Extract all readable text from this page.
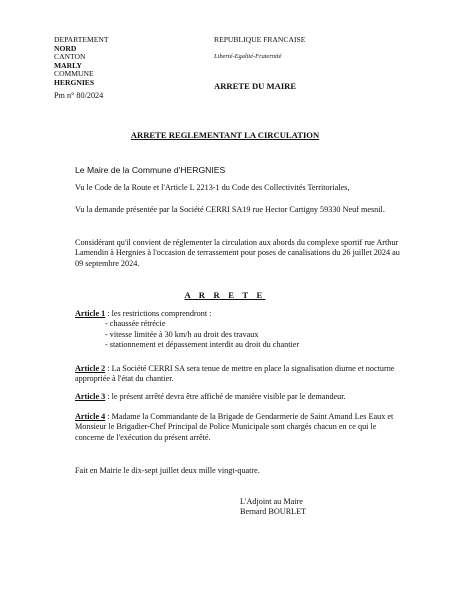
DEPARTEMENT
NORD
CANTON
MARLY
COMMUNE
HERGNIES
REPUBLIQUE FRANCAISE
Liberté-Egalité-Fraternité
ARRETE DU MAIRE
Pm n° 80/2024
ARRETE REGLEMENTANT LA CIRCULATION

Le Maire de la Commune d'HERGNIES

Vu le Code de la Route et l'Article L 2213-1 du Code des Collectivités Territoriales,

Vu la demande présentée par la Société CERRI SA19 rue Hector Cartigny 59330 Neuf mesnil.

Considérant qu'il convient de réglementer la circulation aux abords du complexe sportif rue Arthur Lamendin à Hergnies à l'occasion de terrassement pour poses de canalisations du 26 juillet 2024 au 09 septembre 2024.

A R R E T E

Article 1 : les restrictions comprendront :

- chaussée rétrécie
- vitesse limitée à 30 km/h au droit des travaux
- stationnement et dépassement interdit au droit du chantier

Article 2 : La Société CERRI SA sera tenue de mettre en place la signalisation diurne et nocturne appropriée à l'état du chantier.

Article 3 : le présent arrêté devra être affiché de manière visible par le demandeur.

Article 4 : Madame la Commandante de la Brigade de Gendarmerie de Saint Amand Les Eaux et Monsieur le Brigadier-Chef Principal de Police Municipale sont chargés chacun en ce qui le concerne de l'exécution du présent arrêté.

Fait en Mairie le dix-sept juillet deux mille vingt-quatre.

L'Adjoint au Maire
Bernard BOURLET
